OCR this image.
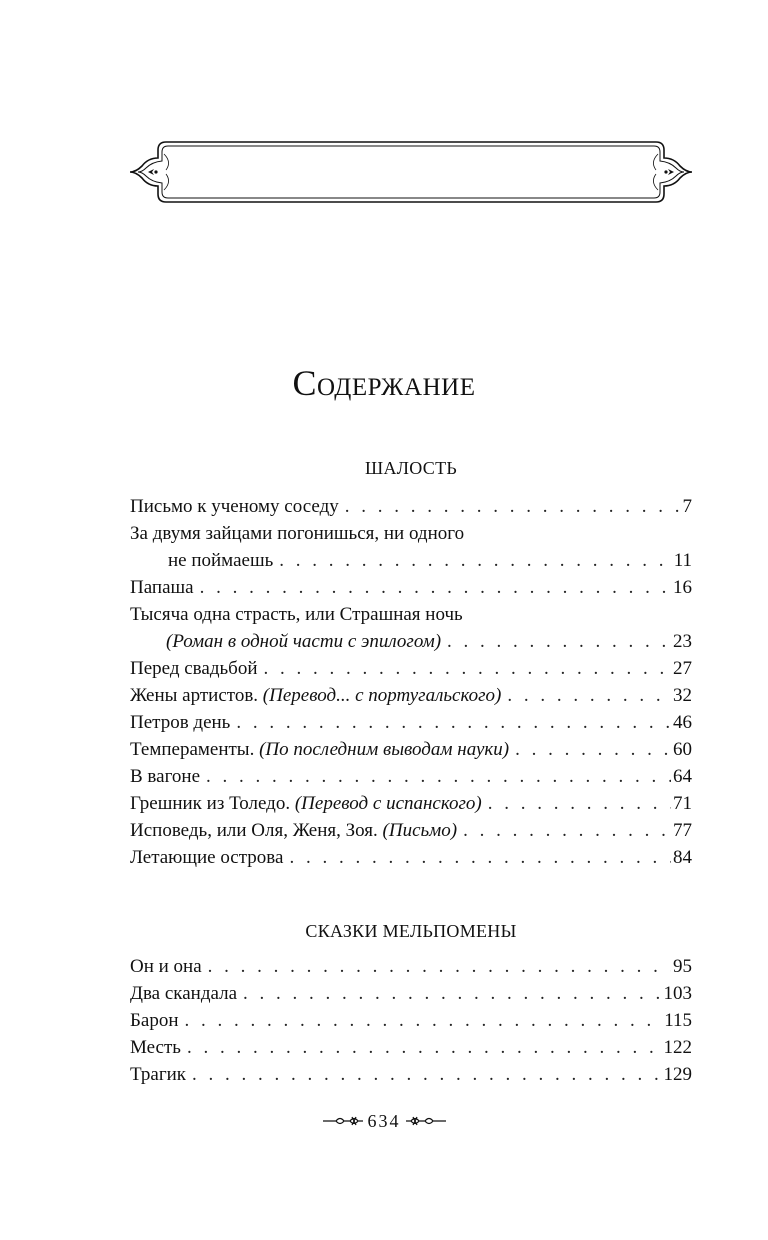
СОДЕРЖАНИЕ
ШАЛОСТЬ
Письмо к ученому соседу . . .	7
За двумя зайцами погонишься, ни одного
не поймаешь . . .	11
Папаша . . .	16
Тысяча одна страсть, или Страшная ночь
(Роман в одной части с эпилогом) . . .	23
Перед свадьбой . . .	27
Жены артистов. (Перевод... с португальского) . . .	32
Петров день . . .	46
Темпераменты. (По последним выводам науки) . . .	60
В вагоне . . .	64
Грешник из Толедо. (Перевод с испанского) . . .	71
Исповедь, или Оля, Женя, Зоя. (Письмо) . . .	77
Летающие острова . . .	84
СКАЗКИ МЕЛЬПОМЕНЫ
Он и она . . .	95
Два скандала . . .	103
Барон . . .	115
Месть . . .	122
Трагик . . .	129
634
